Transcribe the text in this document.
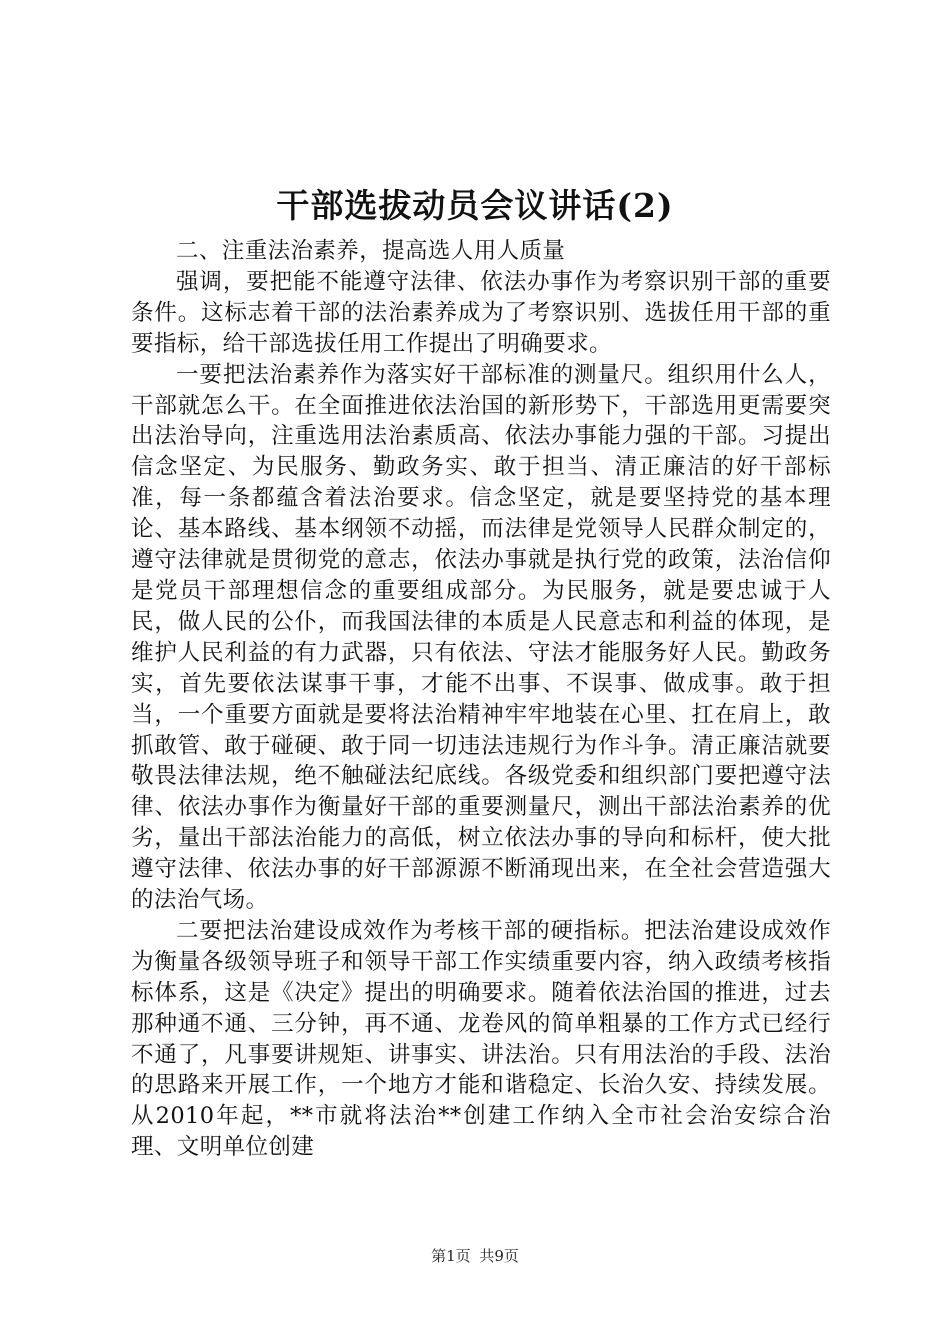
干部选拔动员会议讲话(2)

二、注重法治素养，提高选人用人质量

强调，要把能不能遵守法律、依法办事作为考察识别干部的重要条件。这标志着干部的法治素养成为了考察识别、选拔任用干部的重要指标，给干部选拔任用工作提出了明确要求。

一要把法治素养作为落实好干部标准的测量尺。组织用什么人，干部就怎么干。在全面推进依法治国的新形势下，干部选用更需要突出法治导向，注重选用法治素质高、依法办事能力强的干部。习提出信念坚定、为民服务、勤政务实、敢于担当、清正廉洁的好干部标准，每一条都蕴含着法治要求。信念坚定，就是要坚持党的基本理论、基本路线、基本纲领不动摇，而法律是党领导人民群众制定的，遵守法律就是贯彻党的意志，依法办事就是执行党的政策，法治信仰是党员干部理想信念的重要组成部分。为民服务，就是要忠诚于人民，做人民的公仆，而我国法律的本质是人民意志和利益的体现，是维护人民利益的有力武器，只有依法、守法才能服务好人民。勤政务实，首先要依法谋事干事，才能不出事、不误事、做成事。敢于担当，一个重要方面就是要将法治精神牢牢地装在心里、扛在肩上，敢抓敢管、敢于碰硬、敢于同一切违法违规行为作斗争。清正廉洁就要敬畏法律法规，绝不触碰法纪底线。各级党委和组织部门要把遵守法律、依法办事作为衡量好干部的重要测量尺，测出干部法治素养的优劣，量出干部法治能力的高低，树立依法办事的导向和标杆，使大批遵守法律、依法办事的好干部源源不断涌现出来，在全社会营造强大的法治气场。

二要把法治建设成效作为考核干部的硬指标。把法治建设成效作为衡量各级领导班子和领导干部工作实绩重要内容，纳入政绩考核指标体系，这是《决定》提出的明确要求。随着依法治国的推进，过去那种通不通、三分钟，再不通、龙卷风的简单粗暴的工作方式已经行不通了，凡事要讲规矩、讲事实、讲法治。只有用法治的手段、法治的思路来开展工作，一个地方才能和谐稳定、长治久安、持续发展。从2010年起，**市就将法治**创建工作纳入全市社会治安综合治理、文明单位创建

第1页 共9页
